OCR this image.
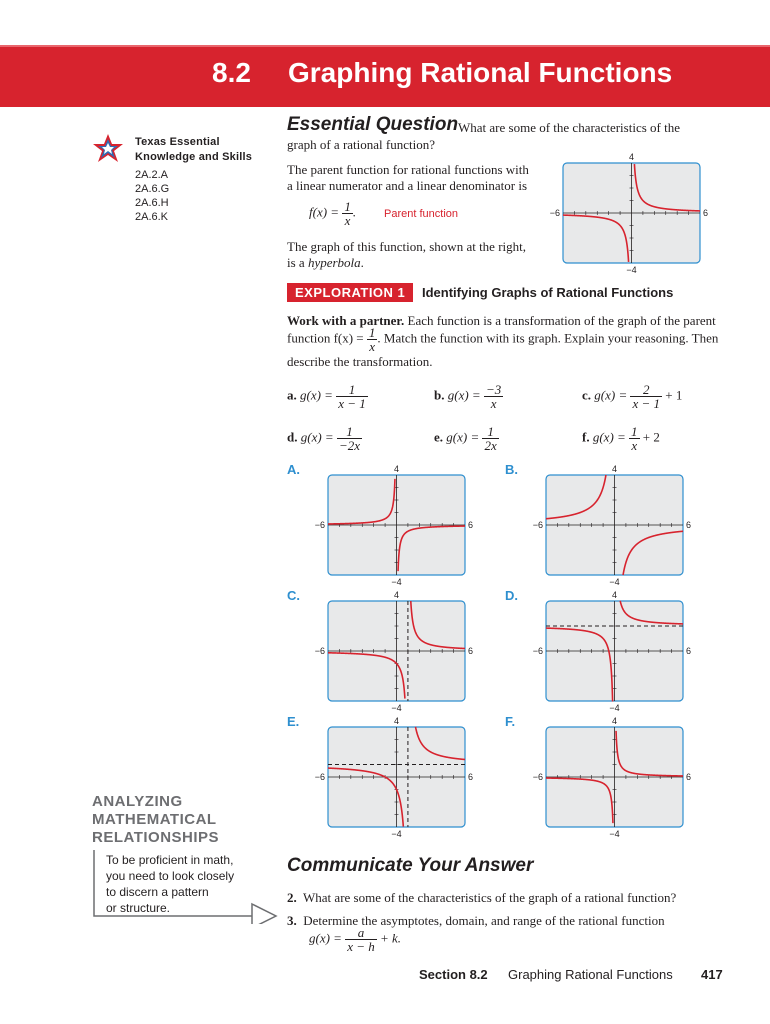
8.2 Graphing Rational Functions
Texas Essential
Knowledge and Skills
2A.2.A
2A.6.G
2A.6.H
2A.6.K
Essential Question What are some of the characteristics of the
graph of a rational function?
The parent function for rational functions with
a linear numerator and a linear denominator is
$f(x) = \frac{1}{x}$ .	Parent function
The graph of this function, shown at the right,
is a hyperbola.
EXPLORATION 1	Identifying Graphs of Rational Functions
Work with a partner. Each function is a transformation of the graph of the parent
function $f(x) = \frac{1}{x}$ . Match the function with its graph. Explain your reasoning. Then
describe the transformation.
a. $g(x) = \frac{1}{x - 1}$	b. $g(x) = \frac{-3}{x}$	c. $g(x) = \frac{2}{x - 1} + 1$
d. $g(x) = \frac{1}{-2x}$	e. $g(x) = \frac{1}{2x}$	f. $g(x) = \frac{1}{x} + 2$
A.	B.
C.	D.
E.	F.
−6	6
4
−4
−6	6
4
−4
−6	6
4
−4
−6	6
4
−4
−6	6
4
−4
−6	6
4
−4
−6	6
4
−4
ANALYZING
MATHEMATICAL
RELATIONSHIPS
To be proficient in math,
you need to look closely
to discern a pattern
or structure.
Communicate Your Answer
2. What are some of the characteristics of the graph of a rational function?
3. Determine the asymptotes, domain, and range of the rational function
$g(x) = \frac{a}{x - h} + k$.
Section 8.2 Graphing Rational Functions 417
